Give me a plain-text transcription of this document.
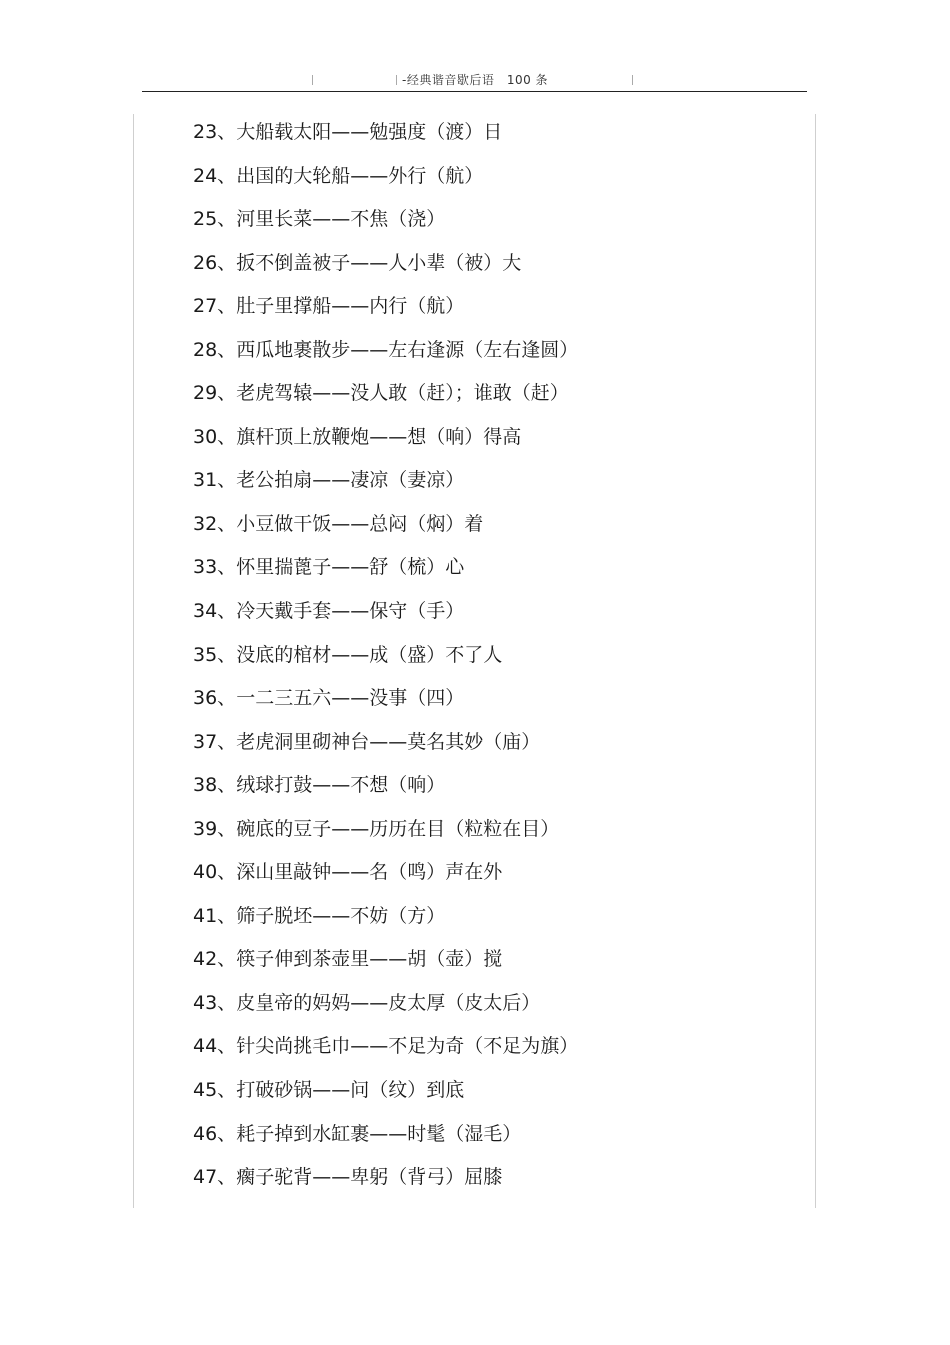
-经典谐音歇后语　100 条
23、大船载太阳——勉强度（渡）日
24、出国的大轮船——外行（航）
25、河里长菜——不焦（浇）
26、扳不倒盖被子——人小辈（被）大
27、肚子里撑船——内行（航）
28、西瓜地裹散步——左右逢源（左右逢圆）
29、老虎驾辕——没人敢（赶）；谁敢（赶）
30、旗杆顶上放鞭炮——想（响）得高
31、老公拍扇——凄凉（妻凉）
32、小豆做干饭——总闷（焖）着
33、怀里揣蓖子——舒（梳）心
34、冷天戴手套——保守（手）
35、没底的棺材——成（盛）不了人
36、一二三五六——没事（四）
37、老虎洞里砌神台——莫名其妙（庙）
38、绒球打鼓——不想（响）
39、碗底的豆子——历历在目（粒粒在目）
40、深山里敲钟——名（鸣）声在外
41、筛子脱坯——不妨（方）
42、筷子伸到茶壶里——胡（壶）搅
43、皮皇帝的妈妈——皮太厚（皮太后）
44、针尖尚挑毛巾——不足为奇（不足为旗）
45、打破砂锅——问（纹）到底
46、耗子掉到水缸裹——时髦（湿毛）
47、瘸子驼背——卑躬（背弓）屈膝
